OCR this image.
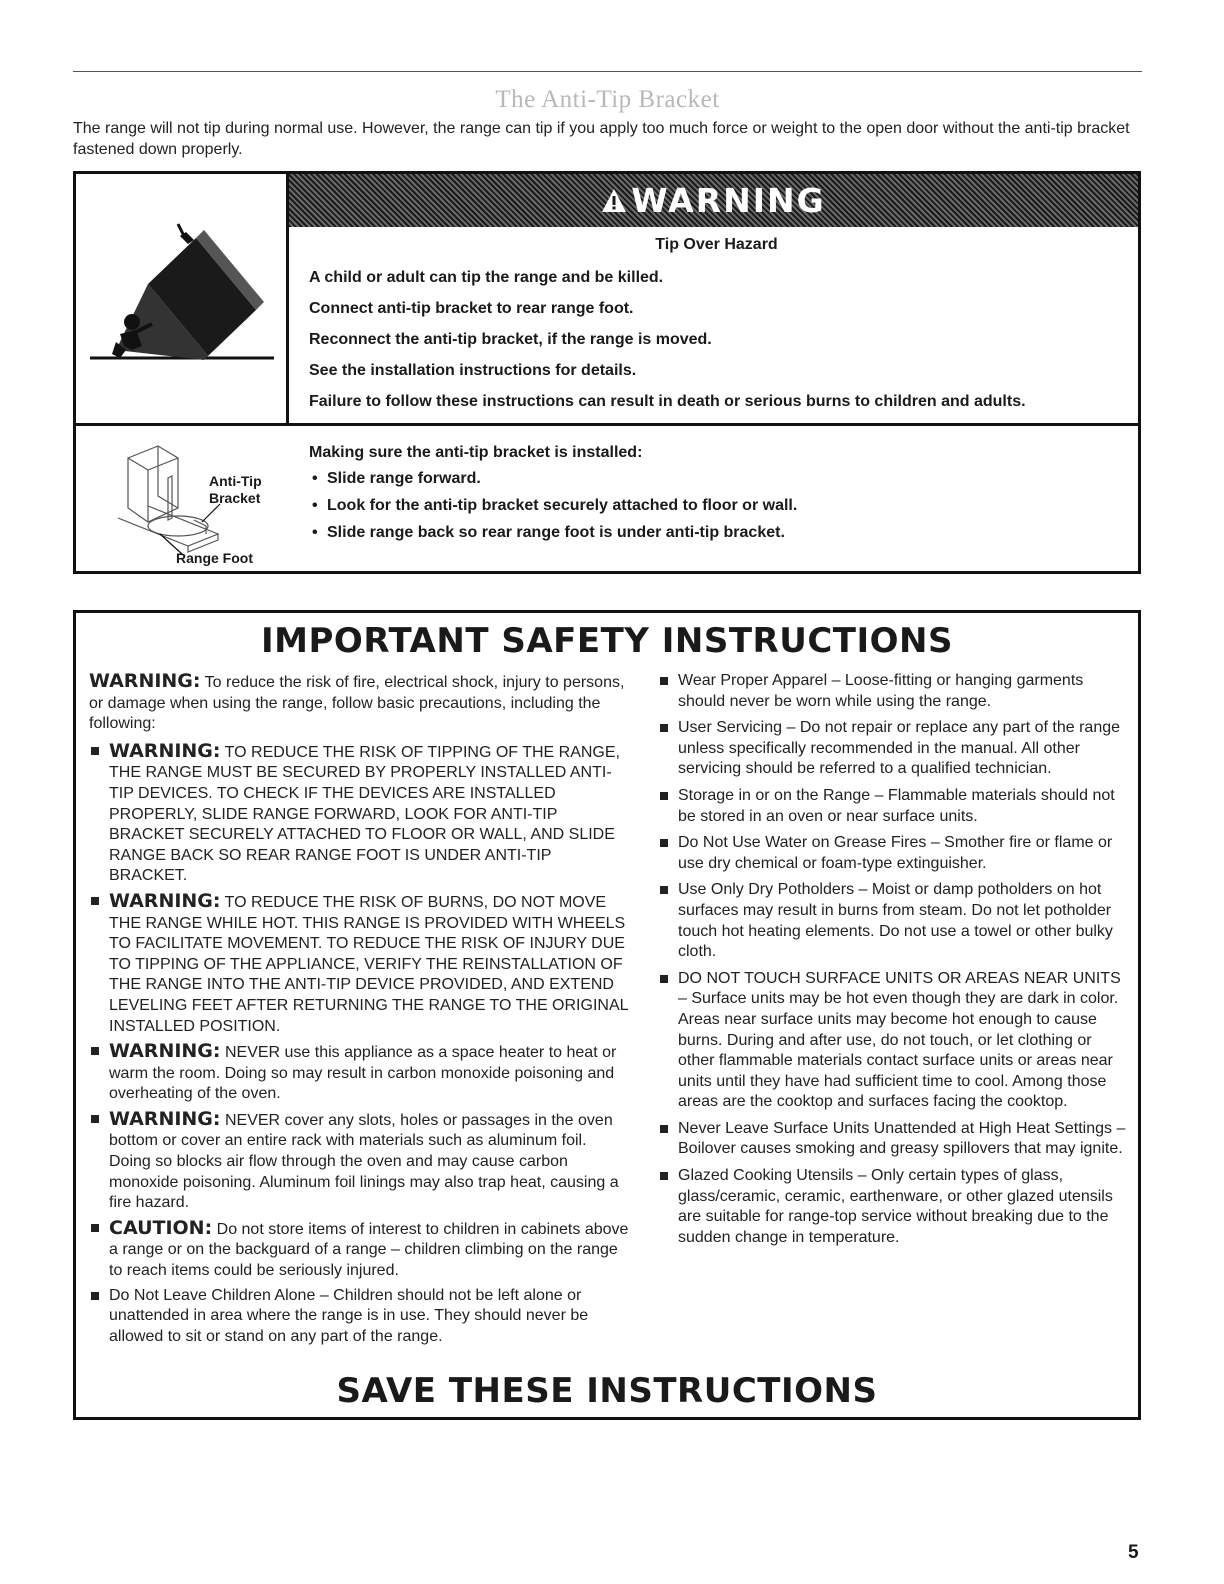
The Anti-Tip Bracket
The range will not tip during normal use. However, the range can tip if you apply too much force or weight to the open door without the anti-tip bracket fastened down properly.
WARNING
Tip Over Hazard
A child or adult can tip the range and be killed.
Connect anti-tip bracket to rear range foot.
Reconnect the anti-tip bracket, if the range is moved.
See the installation instructions for details.
Failure to follow these instructions can result in death or serious burns to children and adults.
Anti-Tip
Bracket
Range Foot
Making sure the anti-tip bracket is installed:
• Slide range forward.
• Look for the anti-tip bracket securely attached to floor or wall.
• Slide range back so rear range foot is under anti-tip bracket.
IMPORTANT SAFETY INSTRUCTIONS
WARNING: To reduce the risk of fire, electrical shock, injury to persons, or damage when using the range, follow basic precautions, including the following:
WARNING: TO REDUCE THE RISK OF TIPPING OF THE RANGE, THE RANGE MUST BE SECURED BY PROPERLY INSTALLED ANTI-TIP DEVICES. TO CHECK IF THE DEVICES ARE INSTALLED PROPERLY, SLIDE RANGE FORWARD, LOOK FOR ANTI-TIP BRACKET SECURELY ATTACHED TO FLOOR OR WALL, AND SLIDE RANGE BACK SO REAR RANGE FOOT IS UNDER ANTI-TIP BRACKET.
WARNING: TO REDUCE THE RISK OF BURNS, DO NOT MOVE THE RANGE WHILE HOT. THIS RANGE IS PROVIDED WITH WHEELS TO FACILITATE MOVEMENT. TO REDUCE THE RISK OF INJURY DUE TO TIPPING OF THE APPLIANCE, VERIFY THE REINSTALLATION OF THE RANGE INTO THE ANTI-TIP DEVICE PROVIDED, AND EXTEND LEVELING FEET AFTER RETURNING THE RANGE TO THE ORIGINAL INSTALLED POSITION.
WARNING: NEVER use this appliance as a space heater to heat or warm the room. Doing so may result in carbon monoxide poisoning and overheating of the oven.
WARNING: NEVER cover any slots, holes or passages in the oven bottom or cover an entire rack with materials such as aluminum foil. Doing so blocks air flow through the oven and may cause carbon monoxide poisoning. Aluminum foil linings may also trap heat, causing a fire hazard.
CAUTION: Do not store items of interest to children in cabinets above a range or on the backguard of a range – children climbing on the range to reach items could be seriously injured.
Do Not Leave Children Alone – Children should not be left alone or unattended in area where the range is in use. They should never be allowed to sit or stand on any part of the range.
Wear Proper Apparel – Loose-fitting or hanging garments should never be worn while using the range.
User Servicing – Do not repair or replace any part of the range unless specifically recommended in the manual. All other servicing should be referred to a qualified technician.
Storage in or on the Range – Flammable materials should not be stored in an oven or near surface units.
Do Not Use Water on Grease Fires – Smother fire or flame or use dry chemical or foam-type extinguisher.
Use Only Dry Potholders – Moist or damp potholders on hot surfaces may result in burns from steam. Do not let potholder touch hot heating elements. Do not use a towel or other bulky cloth.
DO NOT TOUCH SURFACE UNITS OR AREAS NEAR UNITS – Surface units may be hot even though they are dark in color. Areas near surface units may become hot enough to cause burns. During and after use, do not touch, or let clothing or other flammable materials contact surface units or areas near units until they have had sufficient time to cool. Among those areas are the cooktop and surfaces facing the cooktop.
Never Leave Surface Units Unattended at High Heat Settings – Boilover causes smoking and greasy spillovers that may ignite.
Glazed Cooking Utensils – Only certain types of glass, glass/ceramic, ceramic, earthenware, or other glazed utensils are suitable for range-top service without breaking due to the sudden change in temperature.
SAVE THESE INSTRUCTIONS
5
